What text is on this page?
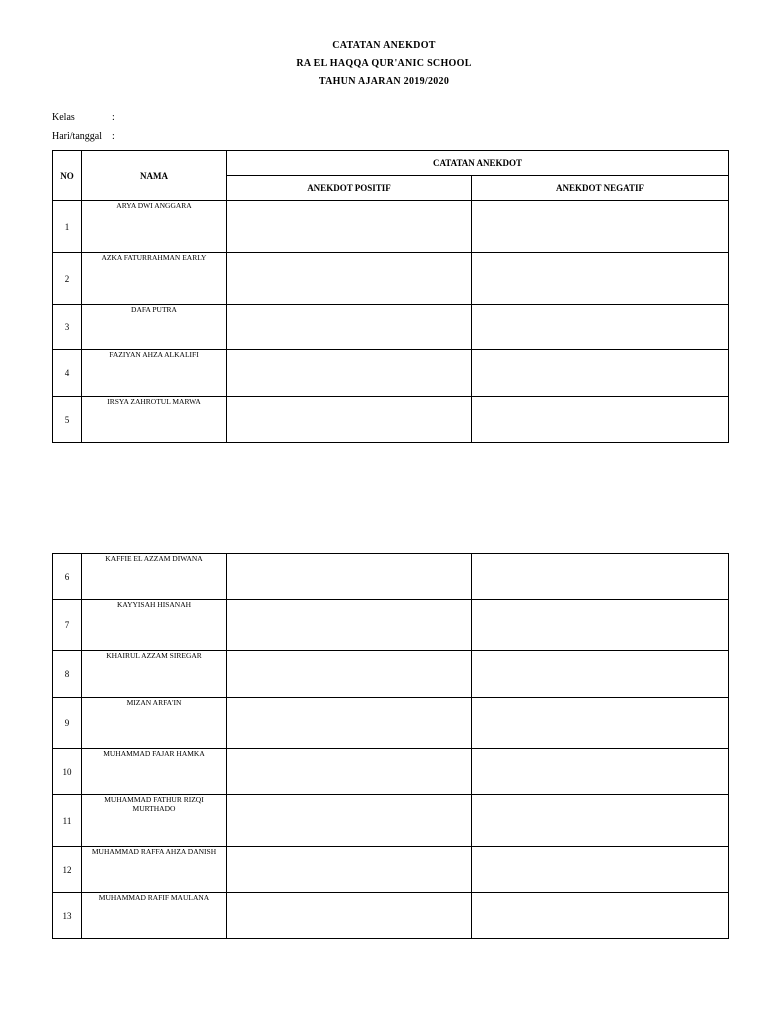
CATATAN ANEKDOT
RA EL HAQQA QUR'ANIC SCHOOL
TAHUN AJARAN 2019/2020
Kelas	:
Hari/tanggal :
NO	NAMA	CATATAN ANEKDOT	
		ANEKDOT POSITIF	ANEKDOT NEGATIF
1	ARYA DWI ANGGARA		
2	AZKA FATURRAHMAN EARLY		
3	DAFA PUTRA		
4	FAZIYAN AHZA ALKALIFI		
5	IRSYA ZAHROTUL MARWA		
6	KAFFIE EL AZZAM DIWANA		
7	KAYYISAH HISANAH		
8	KHAIRUL AZZAM SIREGAR		
9	MIZAN ARFA'IN		
10	MUHAMMAD FAJAR HAMKA		
11	MUHAMMAD FATHUR RIZQI MURTHADO		
12	MUHAMMAD RAFFA AHZA DANISH		
13	MUHAMMAD RAFIF MAULANA		
